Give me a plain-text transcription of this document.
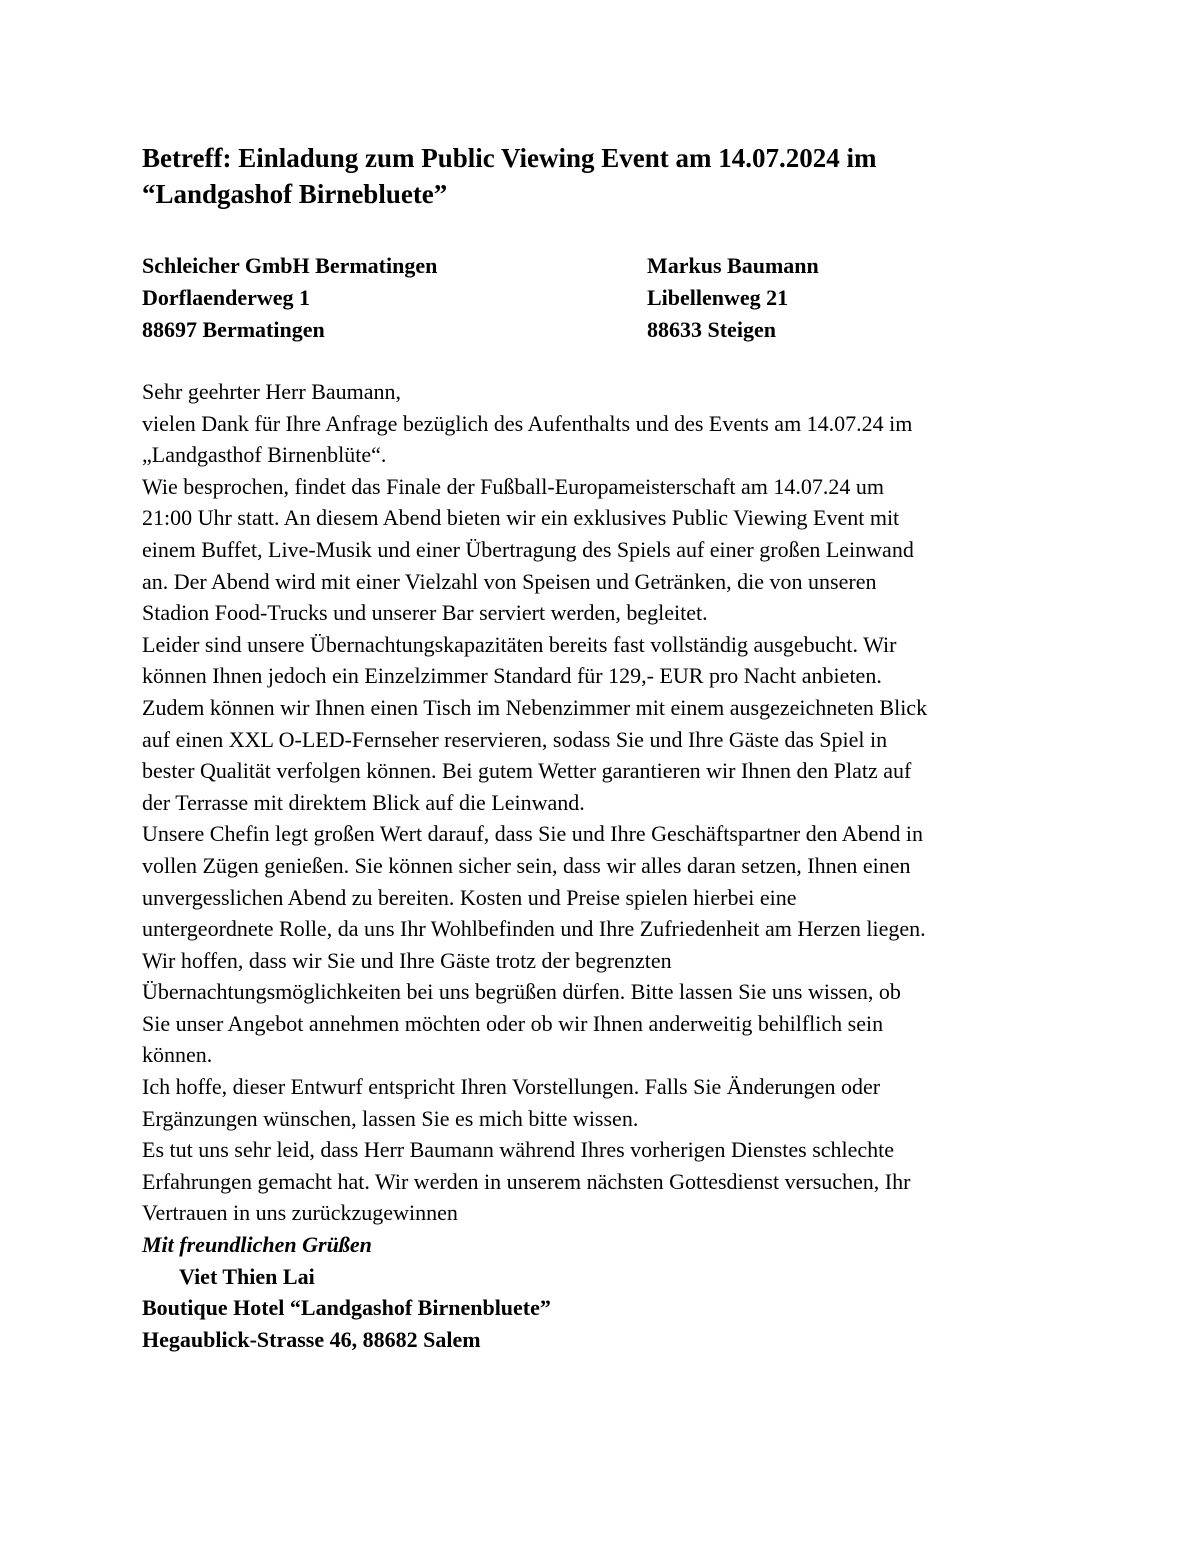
Betreff: Einladung zum Public Viewing Event am 14.07.2024 im
“Landgashof Birnebluete”
Schleicher GmbH Bermatingen
Dorflaenderweg 1
88697 Bermatingen
Markus Baumann
Libellenweg 21
88633 Steigen
Sehr geehrter Herr Baumann,
vielen Dank für Ihre Anfrage bezüglich des Aufenthalts und des Events am 14.07.24 im
„Landgasthof Birnenblüte“.
Wie besprochen, findet das Finale der Fußball-Europameisterschaft am 14.07.24 um
21:00 Uhr statt. An diesem Abend bieten wir ein exklusives Public Viewing Event mit
einem Buffet, Live-Musik und einer Übertragung des Spiels auf einer großen Leinwand
an. Der Abend wird mit einer Vielzahl von Speisen und Getränken, die von unseren
Stadion Food-Trucks und unserer Bar serviert werden, begleitet.
Leider sind unsere Übernachtungskapazitäten bereits fast vollständig ausgebucht. Wir
können Ihnen jedoch ein Einzelzimmer Standard für 129,- EUR pro Nacht anbieten.
Zudem können wir Ihnen einen Tisch im Nebenzimmer mit einem ausgezeichneten Blick
auf einen XXL O-LED-Fernseher reservieren, sodass Sie und Ihre Gäste das Spiel in
bester Qualität verfolgen können. Bei gutem Wetter garantieren wir Ihnen den Platz auf
der Terrasse mit direktem Blick auf die Leinwand.
Unsere Chefin legt großen Wert darauf, dass Sie und Ihre Geschäftspartner den Abend in
vollen Zügen genießen. Sie können sicher sein, dass wir alles daran setzen, Ihnen einen
unvergesslichen Abend zu bereiten. Kosten und Preise spielen hierbei eine
untergeordnete Rolle, da uns Ihr Wohlbefinden und Ihre Zufriedenheit am Herzen liegen.
Wir hoffen, dass wir Sie und Ihre Gäste trotz der begrenzten
Übernachtungsmöglichkeiten bei uns begrüßen dürfen. Bitte lassen Sie uns wissen, ob
Sie unser Angebot annehmen möchten oder ob wir Ihnen anderweitig behilflich sein
können.
Ich hoffe, dieser Entwurf entspricht Ihren Vorstellungen. Falls Sie Änderungen oder
Ergänzungen wünschen, lassen Sie es mich bitte wissen.
Es tut uns sehr leid, dass Herr Baumann während Ihres vorherigen Dienstes schlechte
Erfahrungen gemacht hat. Wir werden in unserem nächsten Gottesdienst versuchen, Ihr
Vertrauen in uns zurückzugewinnen
Mit freundlichen Grüßen
Viet Thien Lai
Boutique Hotel “Landgashof Birnenbluete”
Hegaublick-Strasse 46, 88682 Salem
